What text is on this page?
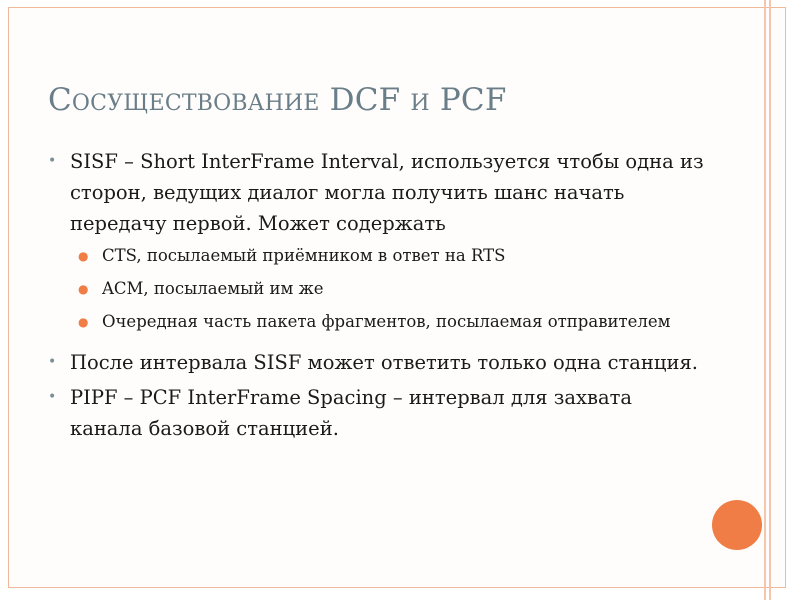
Сосуществование DCF и PCF
• SISF – Short InterFrame Interval, используется чтобы одна из сторон, ведущих диалог могла получить шанс начать передачу первой. Может содержать
● CTS, посылаемый приёмником в ответ на RTS
● ACM, посылаемый им же
● Очередная часть пакета фрагментов, посылаемая отправителем
• После интервала SISF может ответить только одна станция.
• PIPF – PCF InterFrame Spacing – интервал для захвата канала базовой станцией.
